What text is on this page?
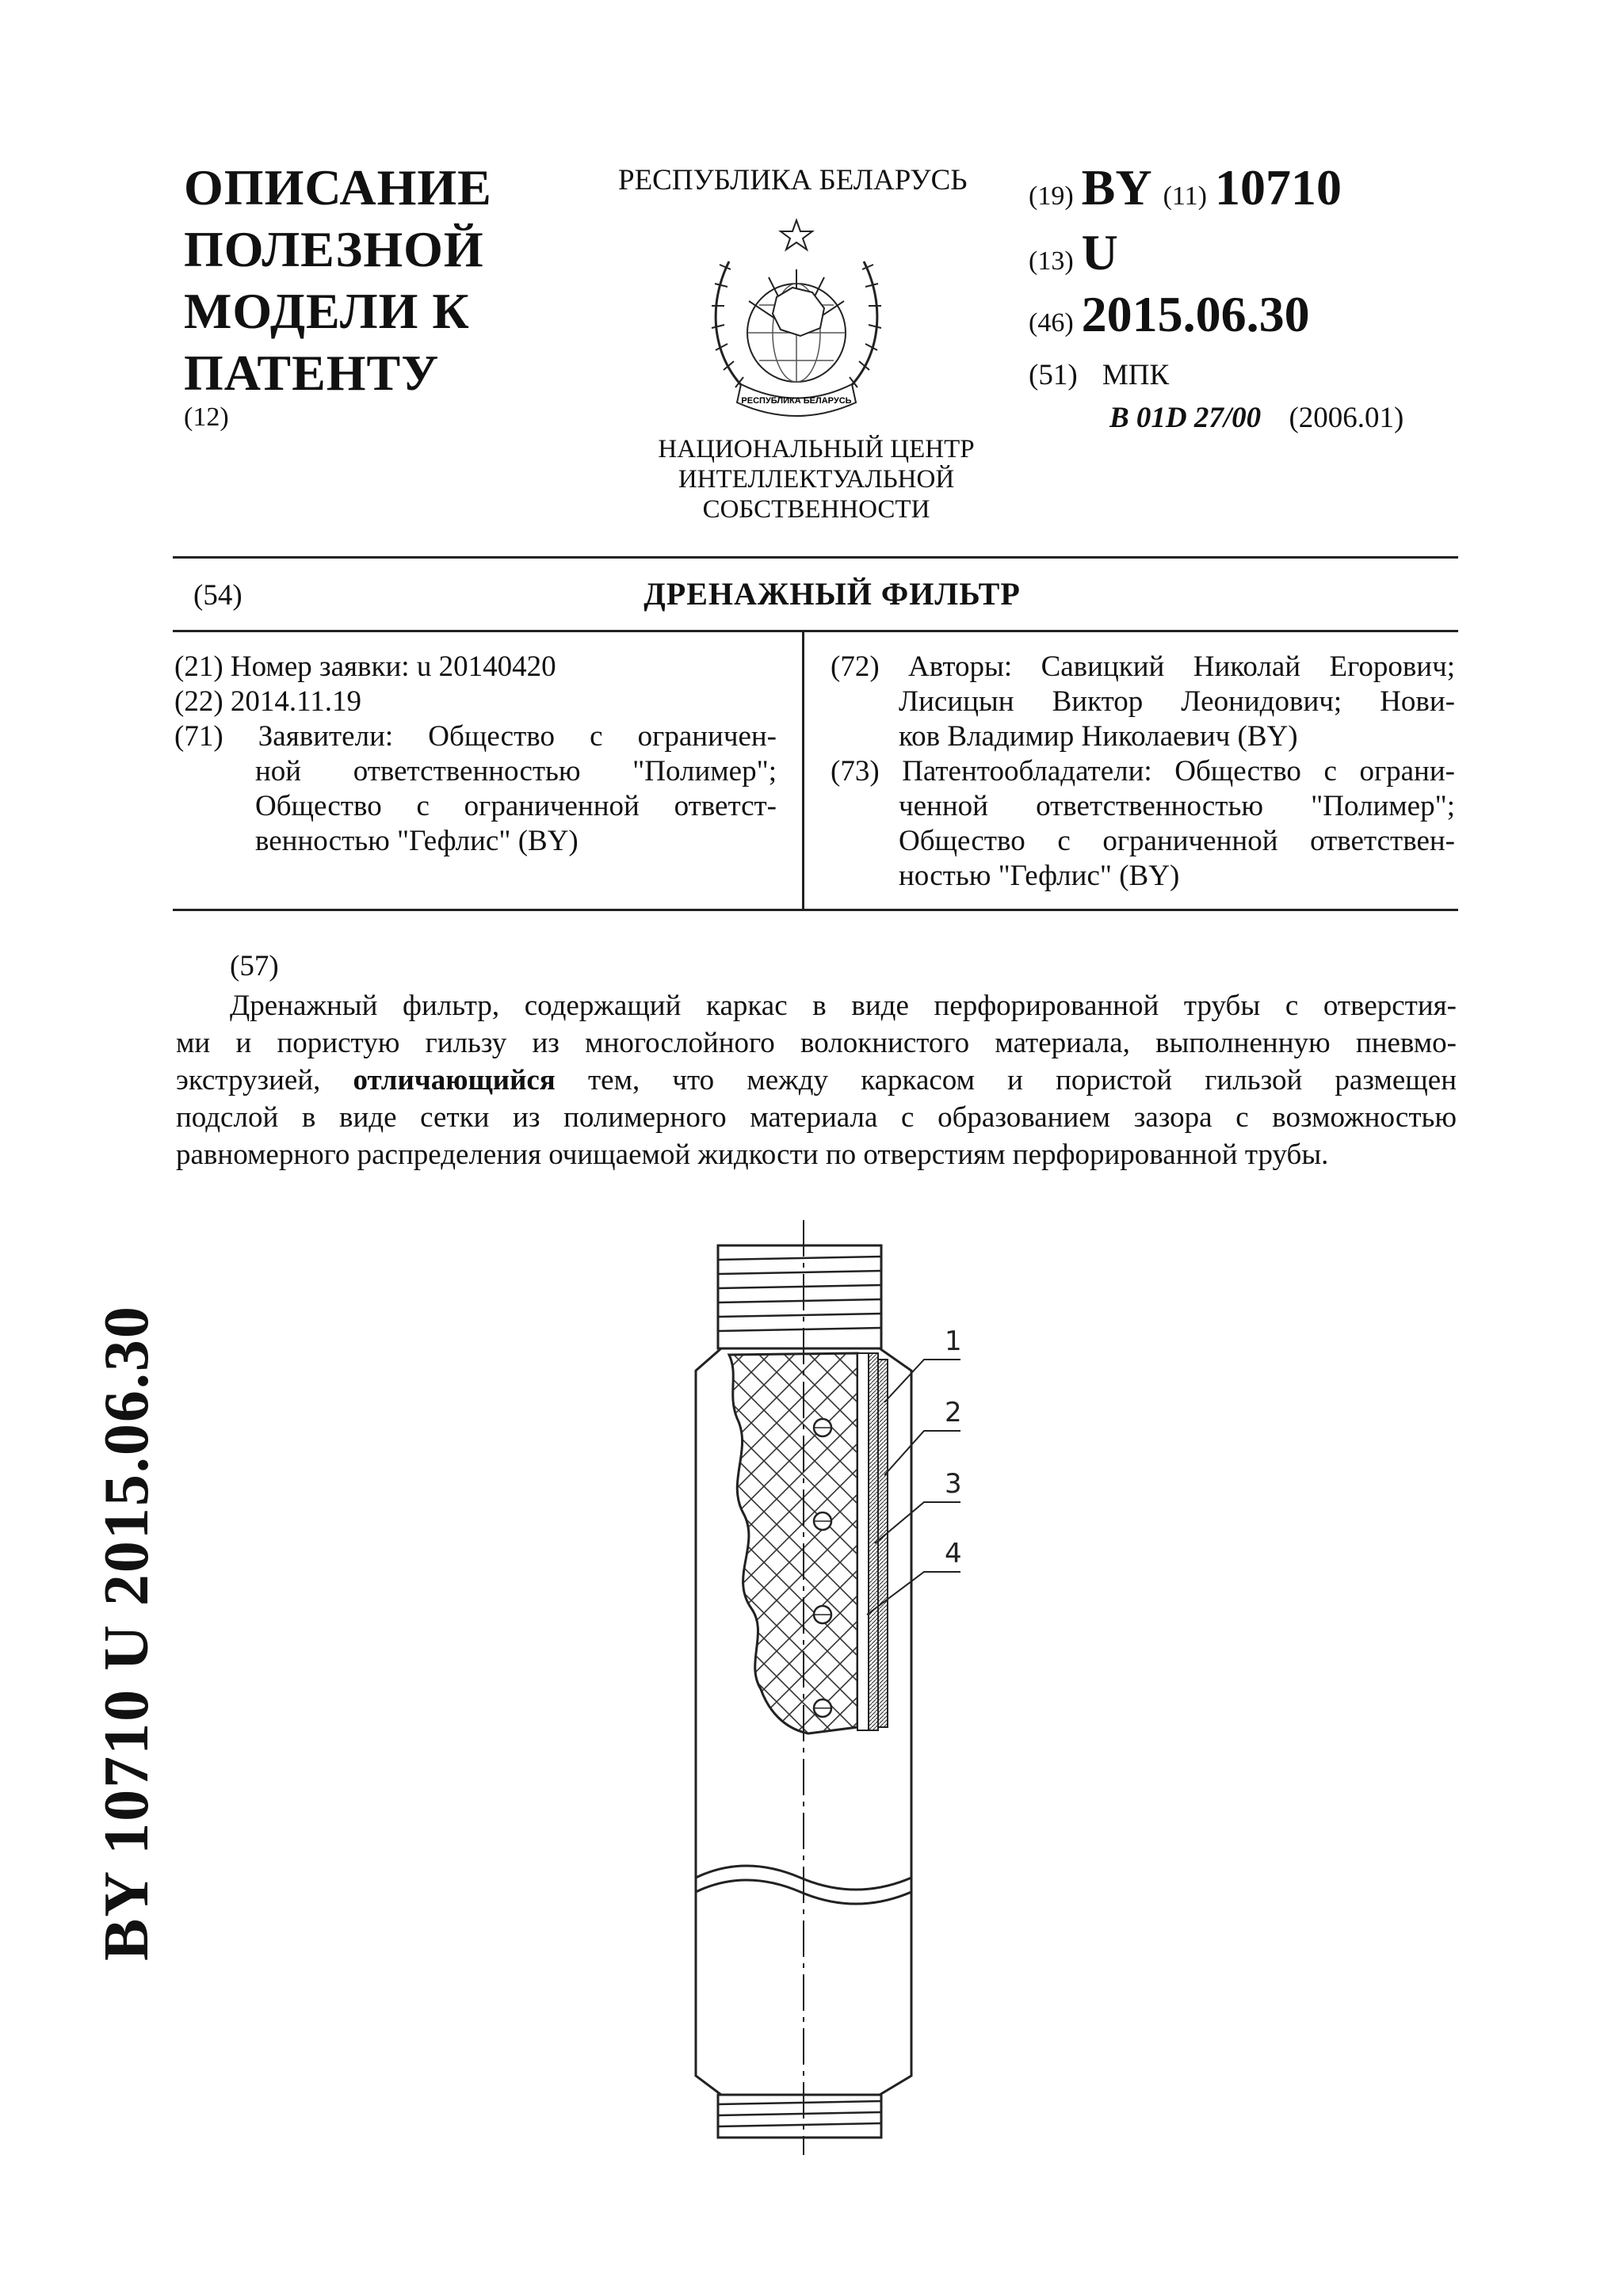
ОПИСАНИЕ
ПОЛЕЗНОЙ
МОДЕЛИ К
ПАТЕНТУ
(12)
РЕСПУБЛИКА БЕЛАРУСЬ
РЕСПУБЛИКА БЕЛАРУСЬ
НАЦИОНАЛЬНЫЙ ЦЕНТР
ИНТЕЛЛЕКТУАЛЬНОЙ
СОБСТВЕННОСТИ
(19) BY (11) 10710
(13) U
(46) 2015.06.30
(51) МПК
B 01D 27/00 (2006.01)
(54)	ДРЕНАЖНЫЙ ФИЛЬТР
(21) Номер заявки: u 20140420
(22) 2014.11.19
(71) Заявители: Общество с ограничен-
ной ответственностью "Полимер";
Общество с ограниченной ответст-
венностью "Гефлис" (BY)
(72) Авторы: Савицкий Николай Егорович;
Лисицын Виктор Леонидович; Нови-
ков Владимир Николаевич (BY)
(73) Патентообладатели: Общество с ограни-
ченной ответственностью "Полимер";
Общество с ограниченной ответствен-
ностью "Гефлис" (BY)
(57)
Дренажный фильтр, содержащий каркас в виде перфорированной трубы с отверстия-
ми и пористую гильзу из многослойного волокнистого материала, выполненную пневмо-
экструзией, отличающийся тем, что между каркасом и пористой гильзой размещен
подслой в виде сетки из полимерного материала с образованием зазора с возможностью
равномерного распределения очищаемой жидкости по отверстиям перфорированной трубы.
1
2
3
4
BY 10710 U 2015.06.30
